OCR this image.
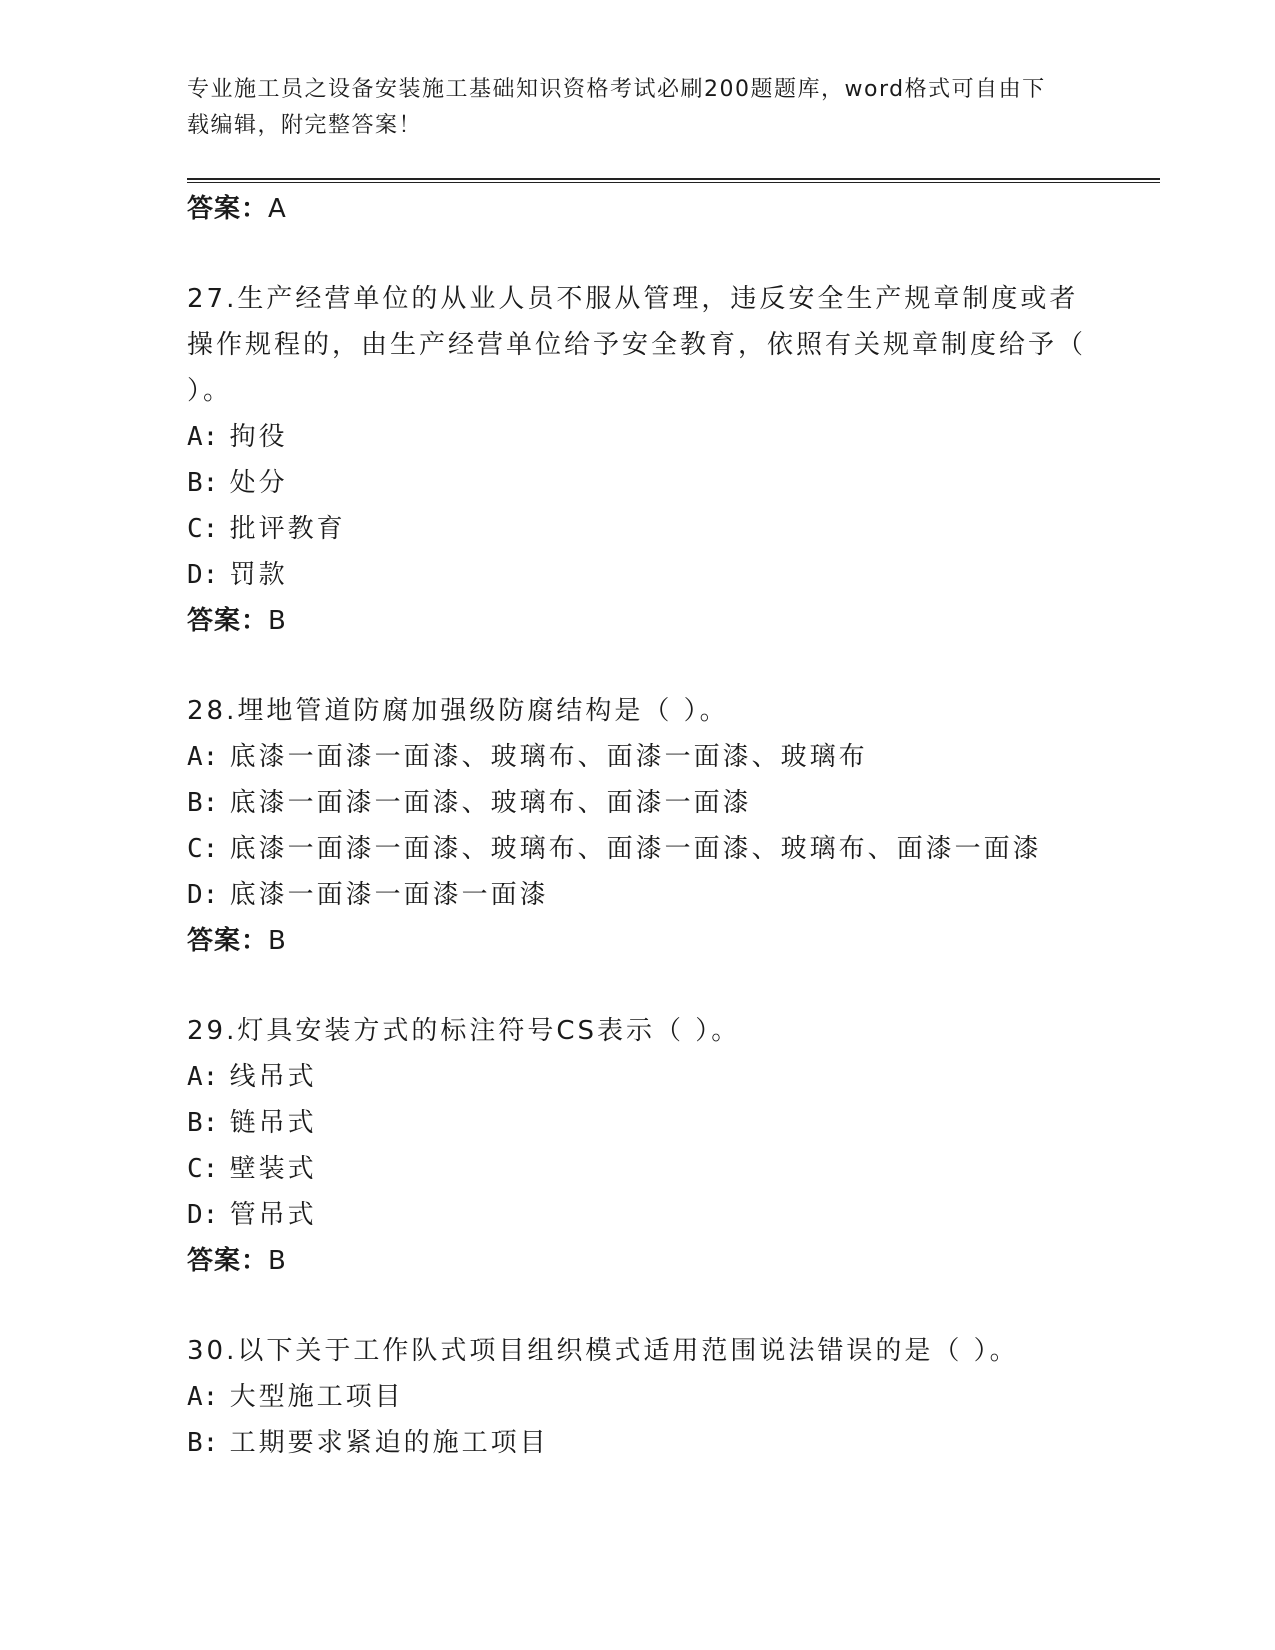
专业施工员之设备安装施工基础知识资格考试必刷200题题库，word格式可自由下载编辑，附完整答案！
答案：A
27.生产经营单位的从业人员不服从管理，违反安全生产规章制度或者操作规程的，由生产经营单位给予安全教育，依照有关规章制度给予（ ）。
A: 拘役
B: 处分
C: 批评教育
D: 罚款
答案：B
28.埋地管道防腐加强级防腐结构是（ ）。
A: 底漆一面漆一面漆、玻璃布、面漆一面漆、玻璃布
B: 底漆一面漆一面漆、玻璃布、面漆一面漆
C: 底漆一面漆一面漆、玻璃布、面漆一面漆、玻璃布、面漆一面漆
D: 底漆一面漆一面漆一面漆
答案：B
29.灯具安装方式的标注符号CS表示（ ）。
A: 线吊式
B: 链吊式
C: 壁装式
D: 管吊式
答案：B
30.以下关于工作队式项目组织模式适用范围说法错误的是（ ）。
A: 大型施工项目
B: 工期要求紧迫的施工项目
